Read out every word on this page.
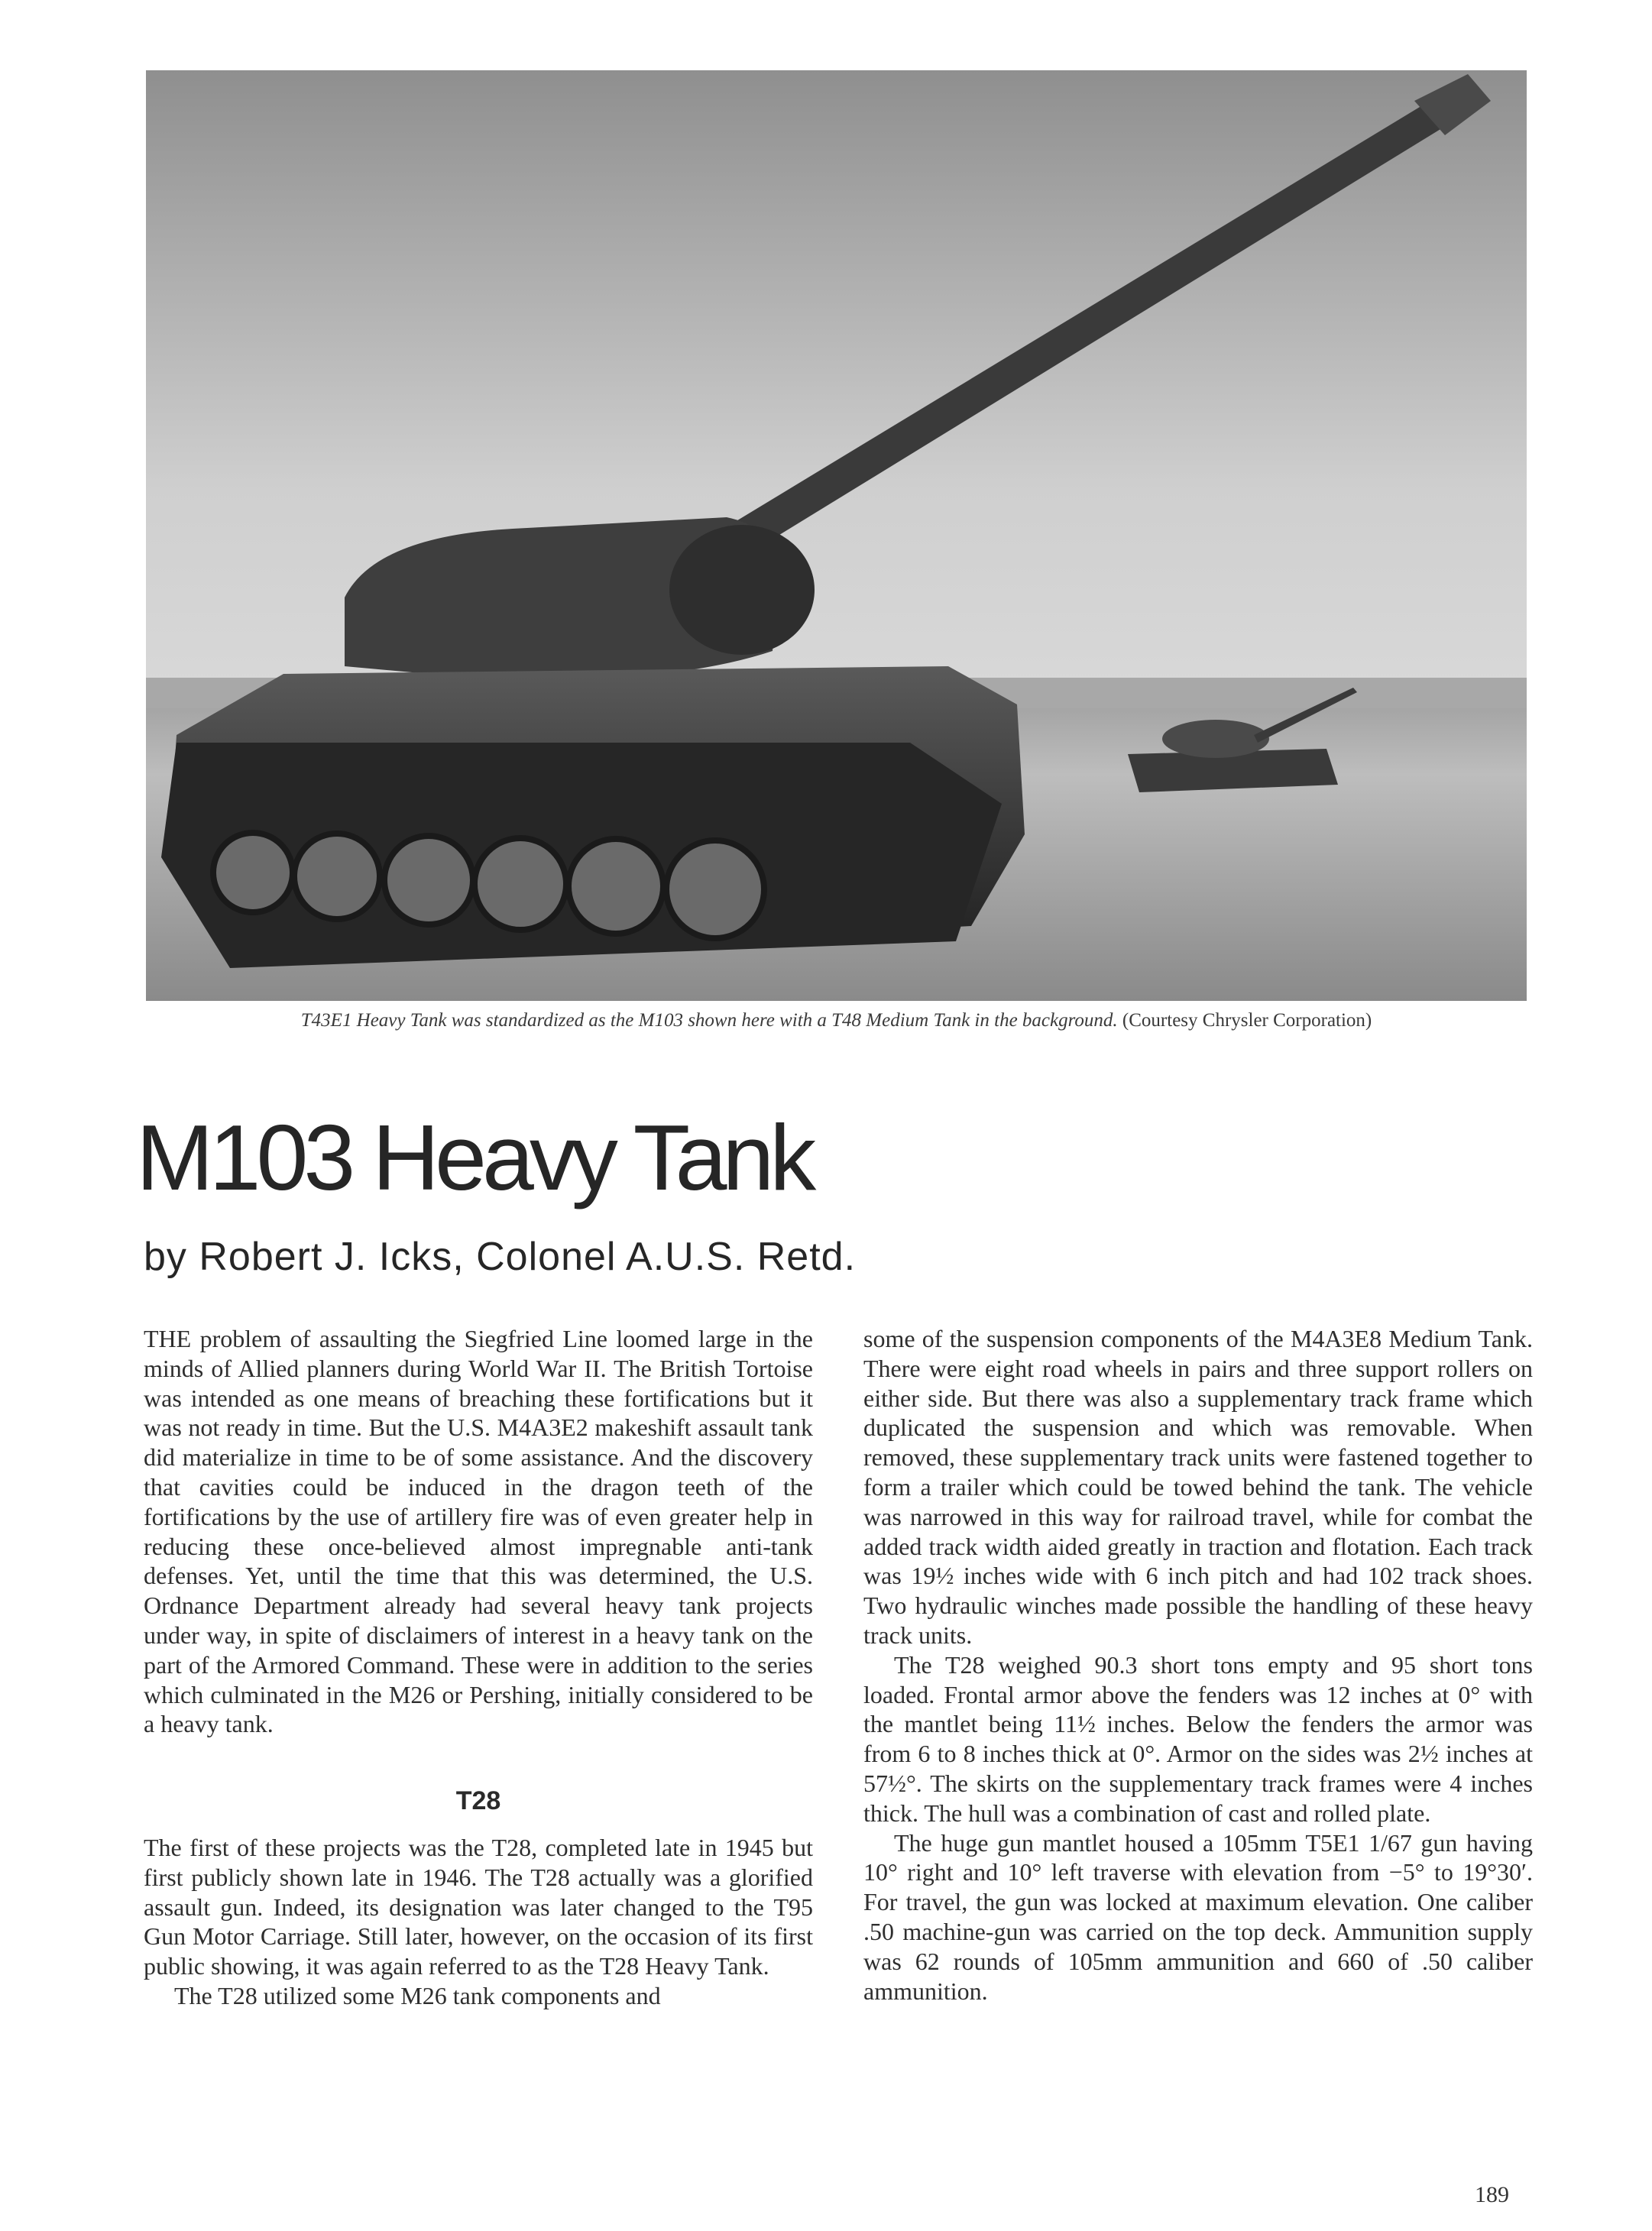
T43E1 Heavy Tank was standardized as the M103 shown here with a T48 Medium Tank in the background. (Courtesy Chrysler Corporation)
M103 Heavy Tank
by Robert J. Icks, Colonel A.U.S. Retd.

THE problem of assaulting the Siegfried Line loomed large in the minds of Allied planners during World War II. The British Tortoise was intended as one means of breaching these fortifications but it was not ready in time. But the U.S. M4A3E2 makeshift assault tank did materialize in time to be of some assistance. And the discovery that cavities could be induced in the dragon teeth of the fortifications by the use of artillery fire was of even greater help in reducing these once-believed almost impregnable anti-tank defenses. Yet, until the time that this was determined, the U.S. Ordnance Department already had several heavy tank projects under way, in spite of disclaimers of interest in a heavy tank on the part of the Armored Command. These were in addition to the series which culminated in the M26 or Pershing, initially considered to be a heavy tank.

T28

The first of these projects was the T28, completed late in 1945 but first publicly shown late in 1946. The T28 actually was a glorified assault gun. Indeed, its designation was later changed to the T95 Gun Motor Carriage. Still later, however, on the occasion of its first public showing, it was again referred to as the T28 Heavy Tank.

The T28 utilized some M26 tank components and

some of the suspension components of the M4A3E8 Medium Tank. There were eight road wheels in pairs and three support rollers on either side. But there was also a supplementary track frame which duplicated the suspension and which was removable. When removed, these supplementary track units were fastened together to form a trailer which could be towed behind the tank. The vehicle was narrowed in this way for railroad travel, while for combat the added track width aided greatly in traction and flotation. Each track was 19½ inches wide with 6 inch pitch and had 102 track shoes. Two hydraulic winches made possible the handling of these heavy track units.

The T28 weighed 90.3 short tons empty and 95 short tons loaded. Frontal armor above the fenders was 12 inches at 0° with the mantlet being 11½ inches. Below the fenders the armor was from 6 to 8 inches thick at 0°. Armor on the sides was 2½ inches at 57½°. The skirts on the supplementary track frames were 4 inches thick. The hull was a combination of cast and rolled plate.

The huge gun mantlet housed a 105mm T5E1 1/67 gun having 10° right and 10° left traverse with elevation from −5° to 19°30′. For travel, the gun was locked at maximum elevation. One caliber .50 machine-gun was carried on the top deck. Ammunition supply was 62 rounds of 105mm ammunition and 660 of .50 caliber ammunition.

189
